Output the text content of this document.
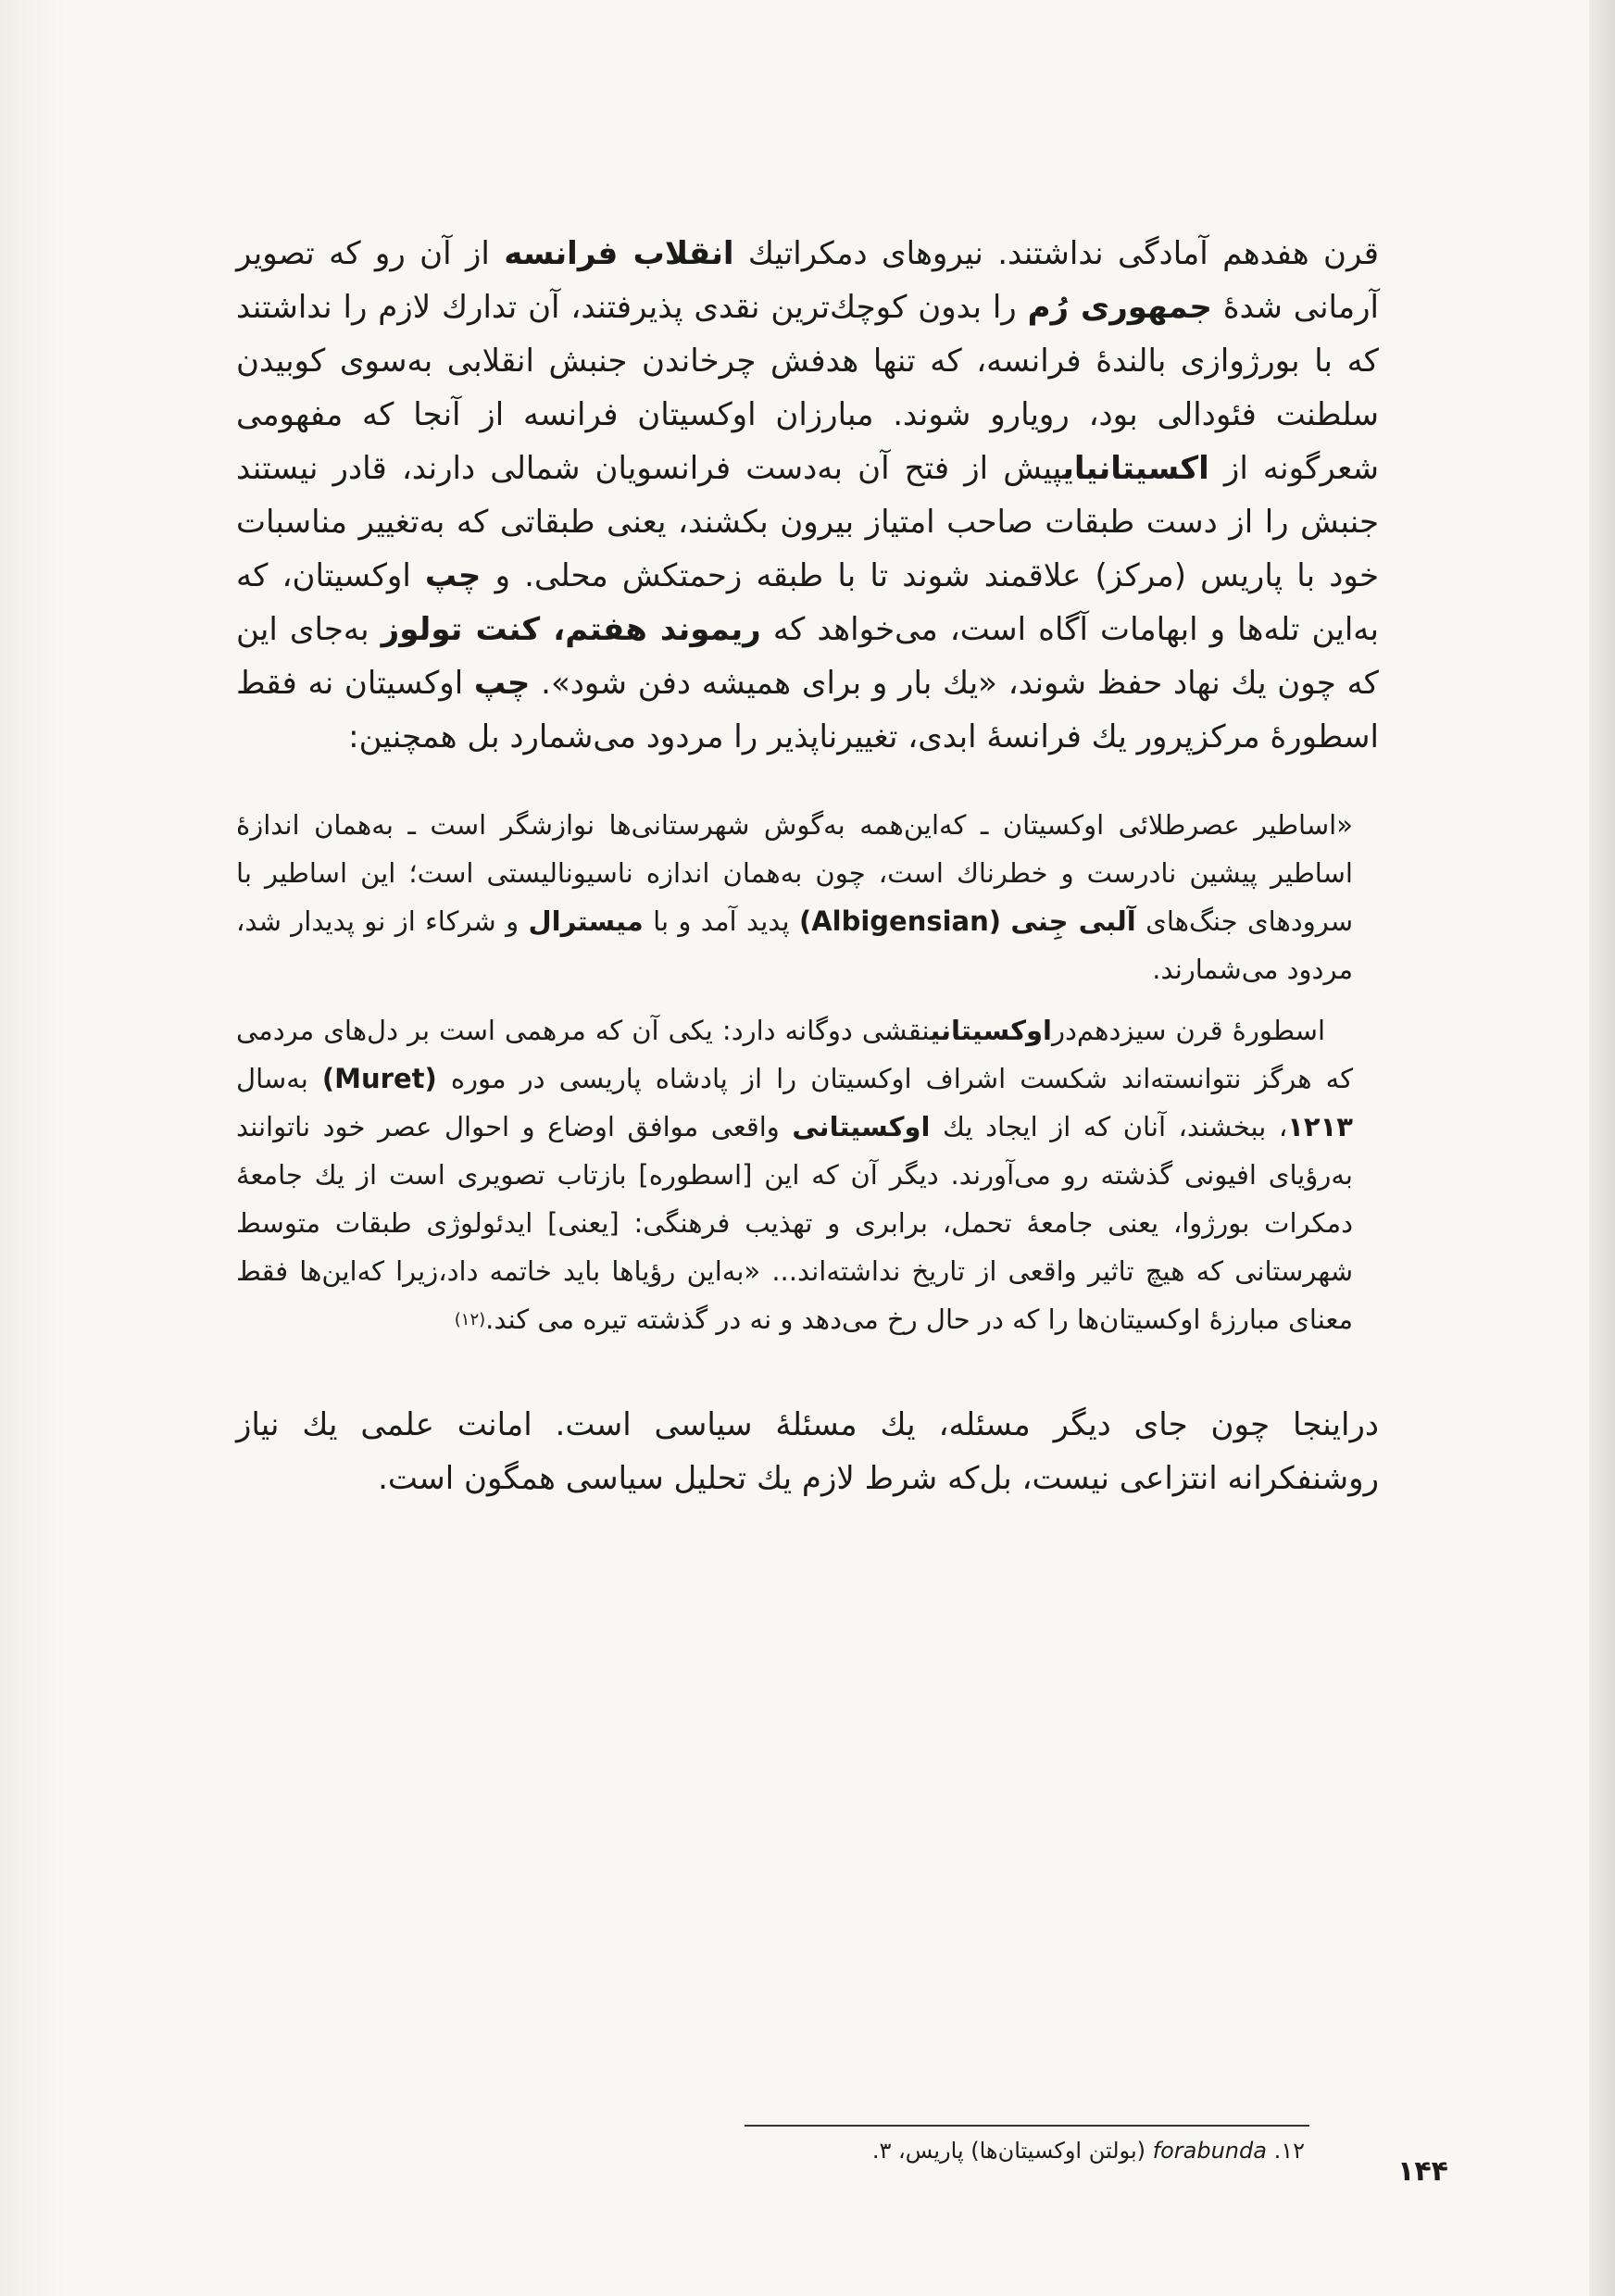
قرن هفدهم آمادگی نداشتند. نیروهای دمکراتیك انقلاب فرانسه از آن رو که تصویر آرمانی شدهٔ جمهوری رُم را بدون کوچك‌ترین نقدی پذیرفتند، آن تدارك لازم را نداشتند که با بورژوازی بالندهٔ فرانسه، که تنها هدفش چرخاندن جنبش انقلابی به‌سوی کوبیدن سلطنت فئودالی بود، رویارو شوند. مبارزان اوکسیتان فرانسه از آنجا که مفهومی شعرگونه از اکسیتانیایپیش از فتح آن به‌دست فرانسویان شمالی دارند، قادر نیستند جنبش را از دست طبقات صاحب امتیاز بیرون بکشند، یعنی طبقاتی که به‌تغییر مناسبات خود با پاریس (مرکز) علاقمند شوند تا با طبقه زحمتکش محلی. و چپ اوکسیتان، که به‌این تله‌ها و ابهامات آگاه است، می‌خواهد که ریموند هفتم، کنت تولوز به‌جای این که چون یك نهاد حفظ شوند، «یك بار و برای همیشه دفن شود». چپ اوکسیتان نه فقط اسطورهٔ مرکزپرور یك فرانسهٔ ابدی، تغییرناپذیر را مردود می‌شمارد بل همچنین:

«اساطیر عصرطلائی اوکسیتان ـ که‌این‌همه به‌گوش شهرستانی‌ها نوازشگر است ـ به‌همان اندازهٔ اساطیر پیشین نادرست و خطرناك است، چون به‌همان اندازه ناسیونالیستی است؛ این اساطیر با سرودهای جنگ‌های آلبی‌ جِنی (Albigensian) پدید آمد و با میسترال و شرکاء از نو پدیدار شد، مردود می‌شمارند.

اسطورهٔ قرن سیزدهم‌دراوکسیتانینقشی دوگانه دارد: یکی آن که مرهمی است بر دل‌های مردمی که هرگز نتوانسته‌اند شکست اشراف اوکسیتان را از پادشاه پاریسی در موره (Muret) به‌سال ۱۲۱۳، ببخشند، آنان که از ایجاد یك اوکسیتانی واقعی موافق اوضاع و احوال عصر خود ناتوانند به‌رؤیای افیونی گذشته رو می‌آورند. دیگر آن که این [اسطوره] بازتاب تصویری است از یك جامعهٔ دمکرات بورژوا، یعنی جامعهٔ تحمل، برابری و تهذیب فرهنگی: [یعنی] ایدئولوژی طبقات متوسط شهرستانی که هیچ تاثیر واقعی از تاریخ نداشته‌اند... «به‌این رؤیاها باید خاتمه داد،زیرا که‌این‌ها فقط معنای مبارزهٔ اوکسیتان‌ها را که در حال رخ می‌دهد و نه در گذشته تیره می کند.$^{(۱۲)}$

دراینجا چون جای دیگر مسئله، یك مسئلهٔ سیاسی است. امانت علمی یك نیاز روشنفکرانه انتزاعی نیست، بل‌که شرط لازم یك تحلیل سیاسی همگون است.

۱۲. forabunda (بولتن اوکسیتان‌ها) پاریس، ۳.
۱۴۴
